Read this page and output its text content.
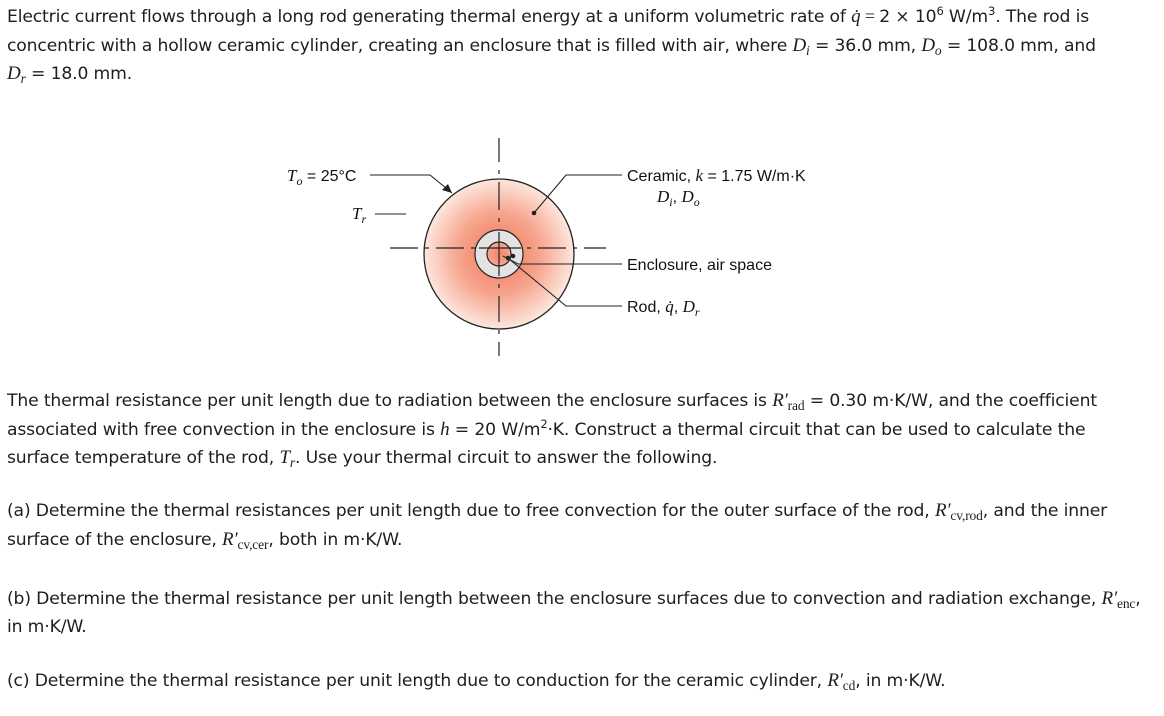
Electric current flows through a long rod generating thermal energy at a uniform volumetric rate of q̇ = $2 \times 10^6$ $W/m^3$. The rod is
concentric with a hollow ceramic cylinder, creating an enclosure that is filled with air, where $D_i = 36.0$ mm, $D_o = 108.0$ mm, and
$D_r = 18.0$ mm.
$T_o = 25^\circ C$
$T_r$
Ceramic, k = 1.75 W/m·K
$D_i$, $D_o$
Enclosure, air space
Rod, q̇, $D_r$
The thermal resistance per unit length due to radiation between the enclosure surfaces is $R'_{rad} = 0.30$ m·K/W, and the coefficient
associated with free convection in the enclosure is h = 20 $W/m^2\cdot K$. Construct a thermal circuit that can be used to calculate the
surface temperature of the rod, $T_r$. Use your thermal circuit to answer the following.
(a) Determine the thermal resistances per unit length due to free convection for the outer surface of the rod, $R'_{cv,rod}$, and the inner
surface of the enclosure, $R'_{cv,cer}$, both in m·K/W.
(b) Determine the thermal resistance per unit length between the enclosure surfaces due to convection and radiation exchange, $R'_{enc}$,
in m·K/W.
(c) Determine the thermal resistance per unit length due to conduction for the ceramic cylinder, $R'_{cd}$, in m·K/W.
